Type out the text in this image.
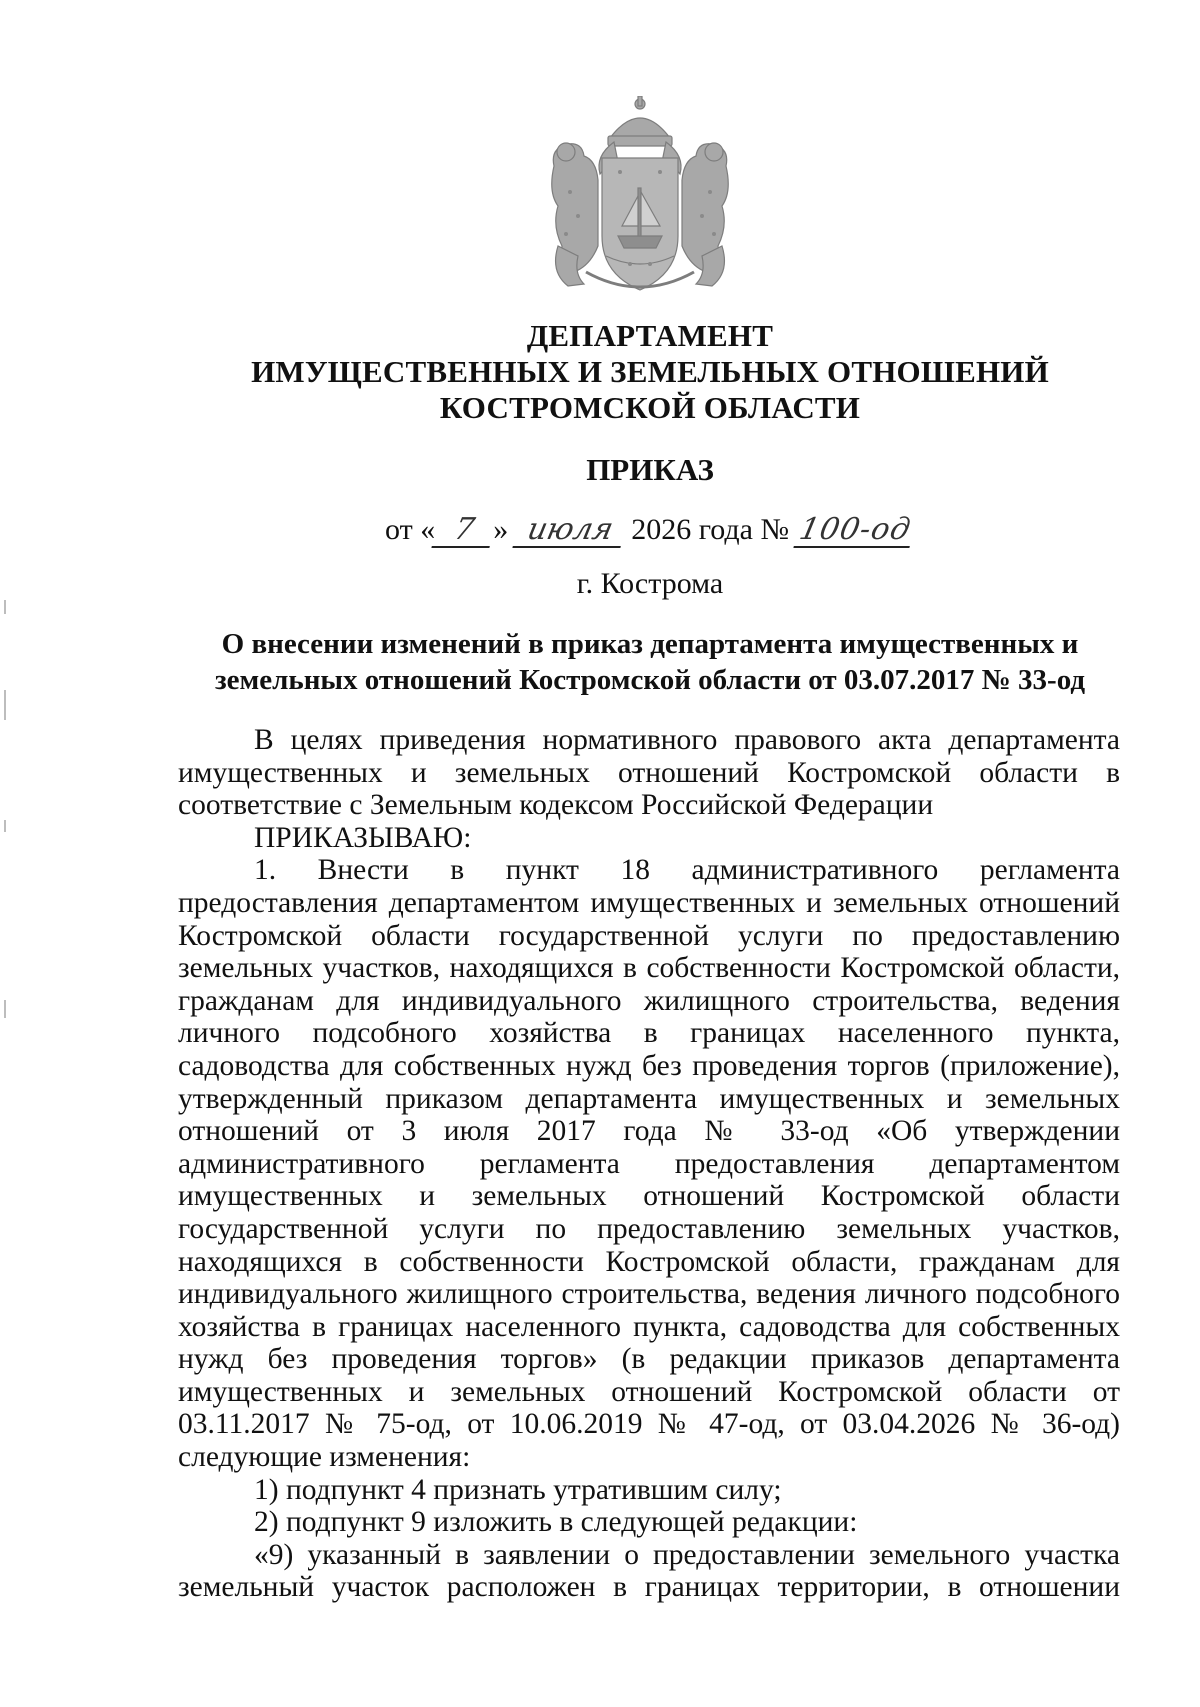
ДЕПАРТАМЕНТ
ИМУЩЕСТВЕННЫХ И ЗЕМЕЛЬНЫХ ОТНОШЕНИЙ
КОСТРОМСКОЙ ОБЛАСТИ
ПРИКАЗ
от « 7 » июля 2026 года № 100-од
г. Кострома
О внесении изменений в приказ департамента имущественных и земельных отношений Костромской области от 03.07.2017 № 33-од

В целях приведения нормативного правового акта департамента имущественных и земельных отношений Костромской области в соответствие с Земельным кодексом Российской Федерации

ПРИКАЗЫВАЮ:

1. Внести в пункт 18 административного регламента предоставления департаментом имущественных и земельных отношений Костромской области государственной услуги по предоставлению земельных участков, находящихся в собственности Костромской области, гражданам для индивидуального жилищного строительства, ведения личного подсобного хозяйства в границах населенного пункта, садоводства для собственных нужд без проведения торгов (приложение), утвержденный приказом департамента имущественных и земельных отношений от 3 июля 2017 года № 33-од «Об утверждении административного регламента предоставления департаментом имущественных и земельных отношений Костромской области государственной услуги по предоставлению земельных участков, находящихся в собственности Костромской области, гражданам для индивидуального жилищного строительства, ведения личного подсобного хозяйства в границах населенного пункта, садоводства для собственных нужд без проведения торгов» (в редакции приказов департамента имущественных и земельных отношений Костромской области от 03.11.2017 № 75-од, от 10.06.2019 № 47-од, от 03.04.2026 № 36-од) следующие изменения:

1) подпункт 4 признать утратившим силу;

2) подпункт 9 изложить в следующей редакции:

«9) указанный в заявлении о предоставлении земельного участка земельный участок расположен в границах территории, в отношении
